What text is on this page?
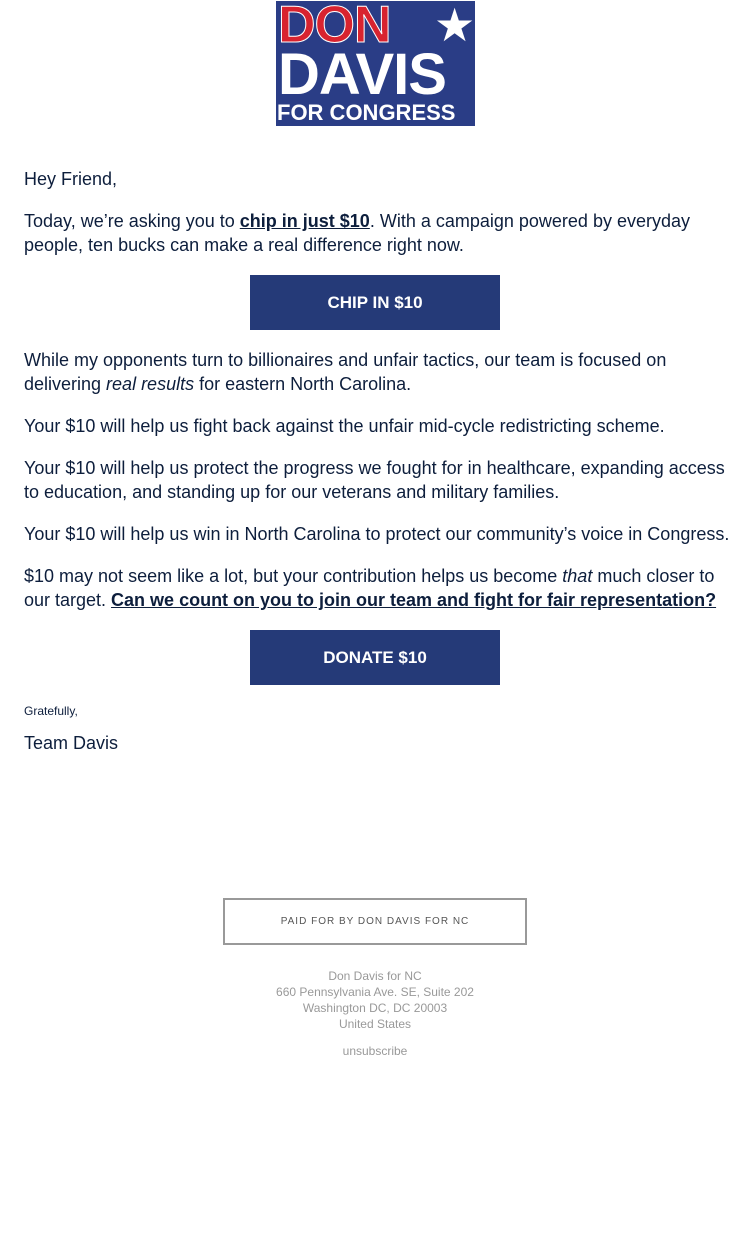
DON ★
DAVIS
FOR CONGRESS

Hey Friend,

Today, we’re asking you to chip in just $10. With a campaign powered by everyday people, ten bucks can make a real difference right now.

CHIP IN $10

While my opponents turn to billionaires and unfair tactics, our team is focused on delivering real results for eastern North Carolina.

Your $10 will help us fight back against the unfair mid-cycle redistricting scheme.

Your $10 will help us protect the progress we fought for in healthcare, expanding access to education, and standing up for our veterans and military families.

Your $10 will help us win in North Carolina to protect our community’s voice in Congress.

$10 may not seem like a lot, but your contribution helps us become that much closer to our target. Can we count on you to join our team and fight for fair representation?

DONATE $10

Gratefully,

Team Davis

PAID FOR BY DON DAVIS FOR NC
Don Davis for NC
660 Pennsylvania Ave. SE, Suite 202
Washington DC, DC 20003
United States
unsubscribe
